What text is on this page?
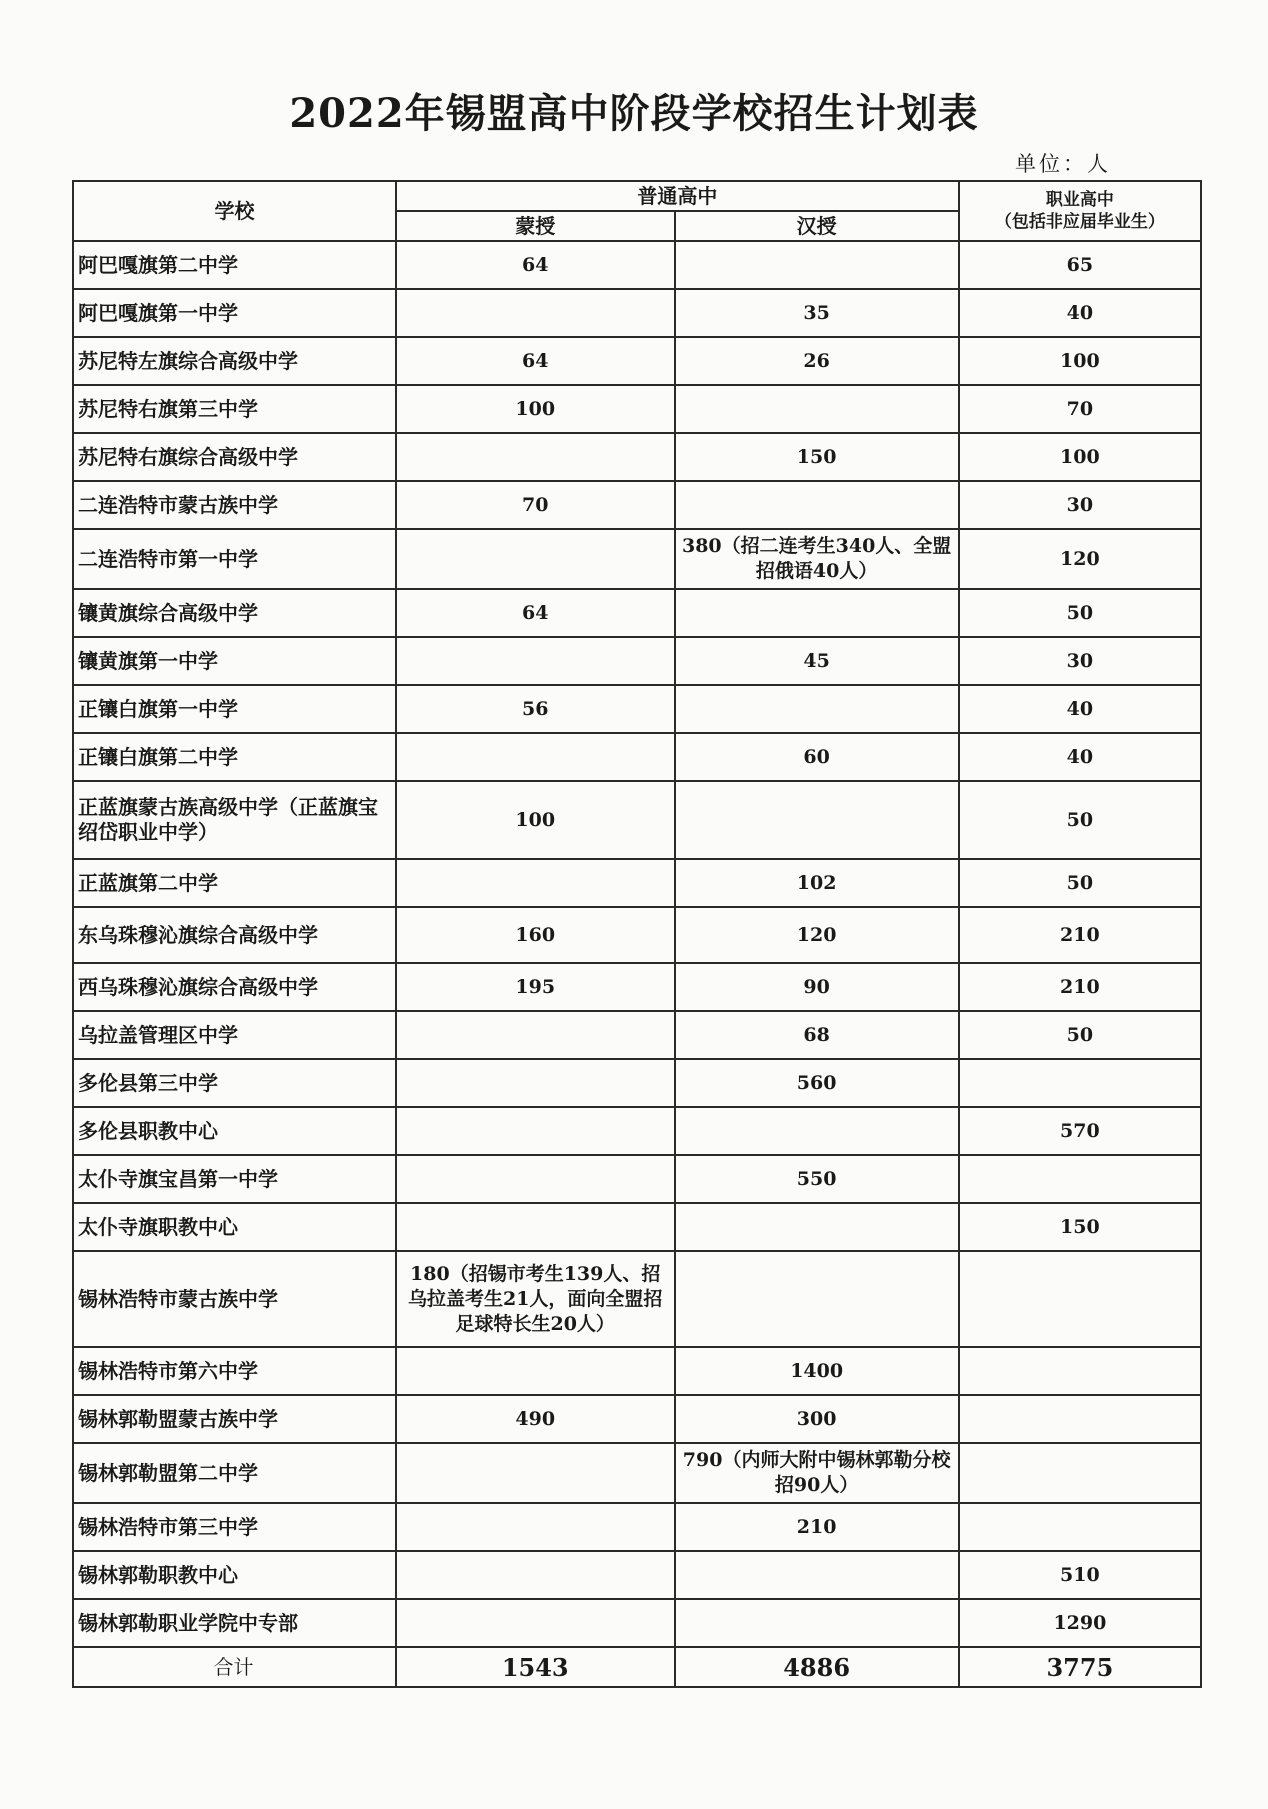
2022年锡盟高中阶段学校招生计划表
单位：人
学校	普通高中		职业高中
（包括非应届毕业生）

	蒙授	汉授	
阿巴嘎旗第二中学	64		65
阿巴嘎旗第一中学		35	40
苏尼特左旗综合高级中学	64	26	100
苏尼特右旗第三中学	100		70
苏尼特右旗综合高级中学		150	100
二连浩特市蒙古族中学	70		30
二连浩特市第一中学		380（招二连考生340人、全盟招俄语40人）	120
镶黄旗综合高级中学	64		50
镶黄旗第一中学		45	30
正镶白旗第一中学	56		40
正镶白旗第二中学		60	40
正蓝旗蒙古族高级中学（正蓝旗宝绍岱职业中学）	100		50
正蓝旗第二中学		102	50
东乌珠穆沁旗综合高级中学	160	120	210
西乌珠穆沁旗综合高级中学	195	90	210
乌拉盖管理区中学		68	50
多伦县第三中学		560	
多伦县职教中心			570
太仆寺旗宝昌第一中学		550	
太仆寺旗职教中心			150
锡林浩特市蒙古族中学	180（招锡市考生139人、招乌拉盖考生21人，面向全盟招足球特长生20人）		
锡林浩特市第六中学		1400	
锡林郭勒盟蒙古族中学	490	300	
锡林郭勒盟第二中学		790（内师大附中锡林郭勒分校招90人）	
锡林浩特市第三中学		210	
锡林郭勒职教中心			510
锡林郭勒职业学院中专部			1290
合计	1543	4886	3775
